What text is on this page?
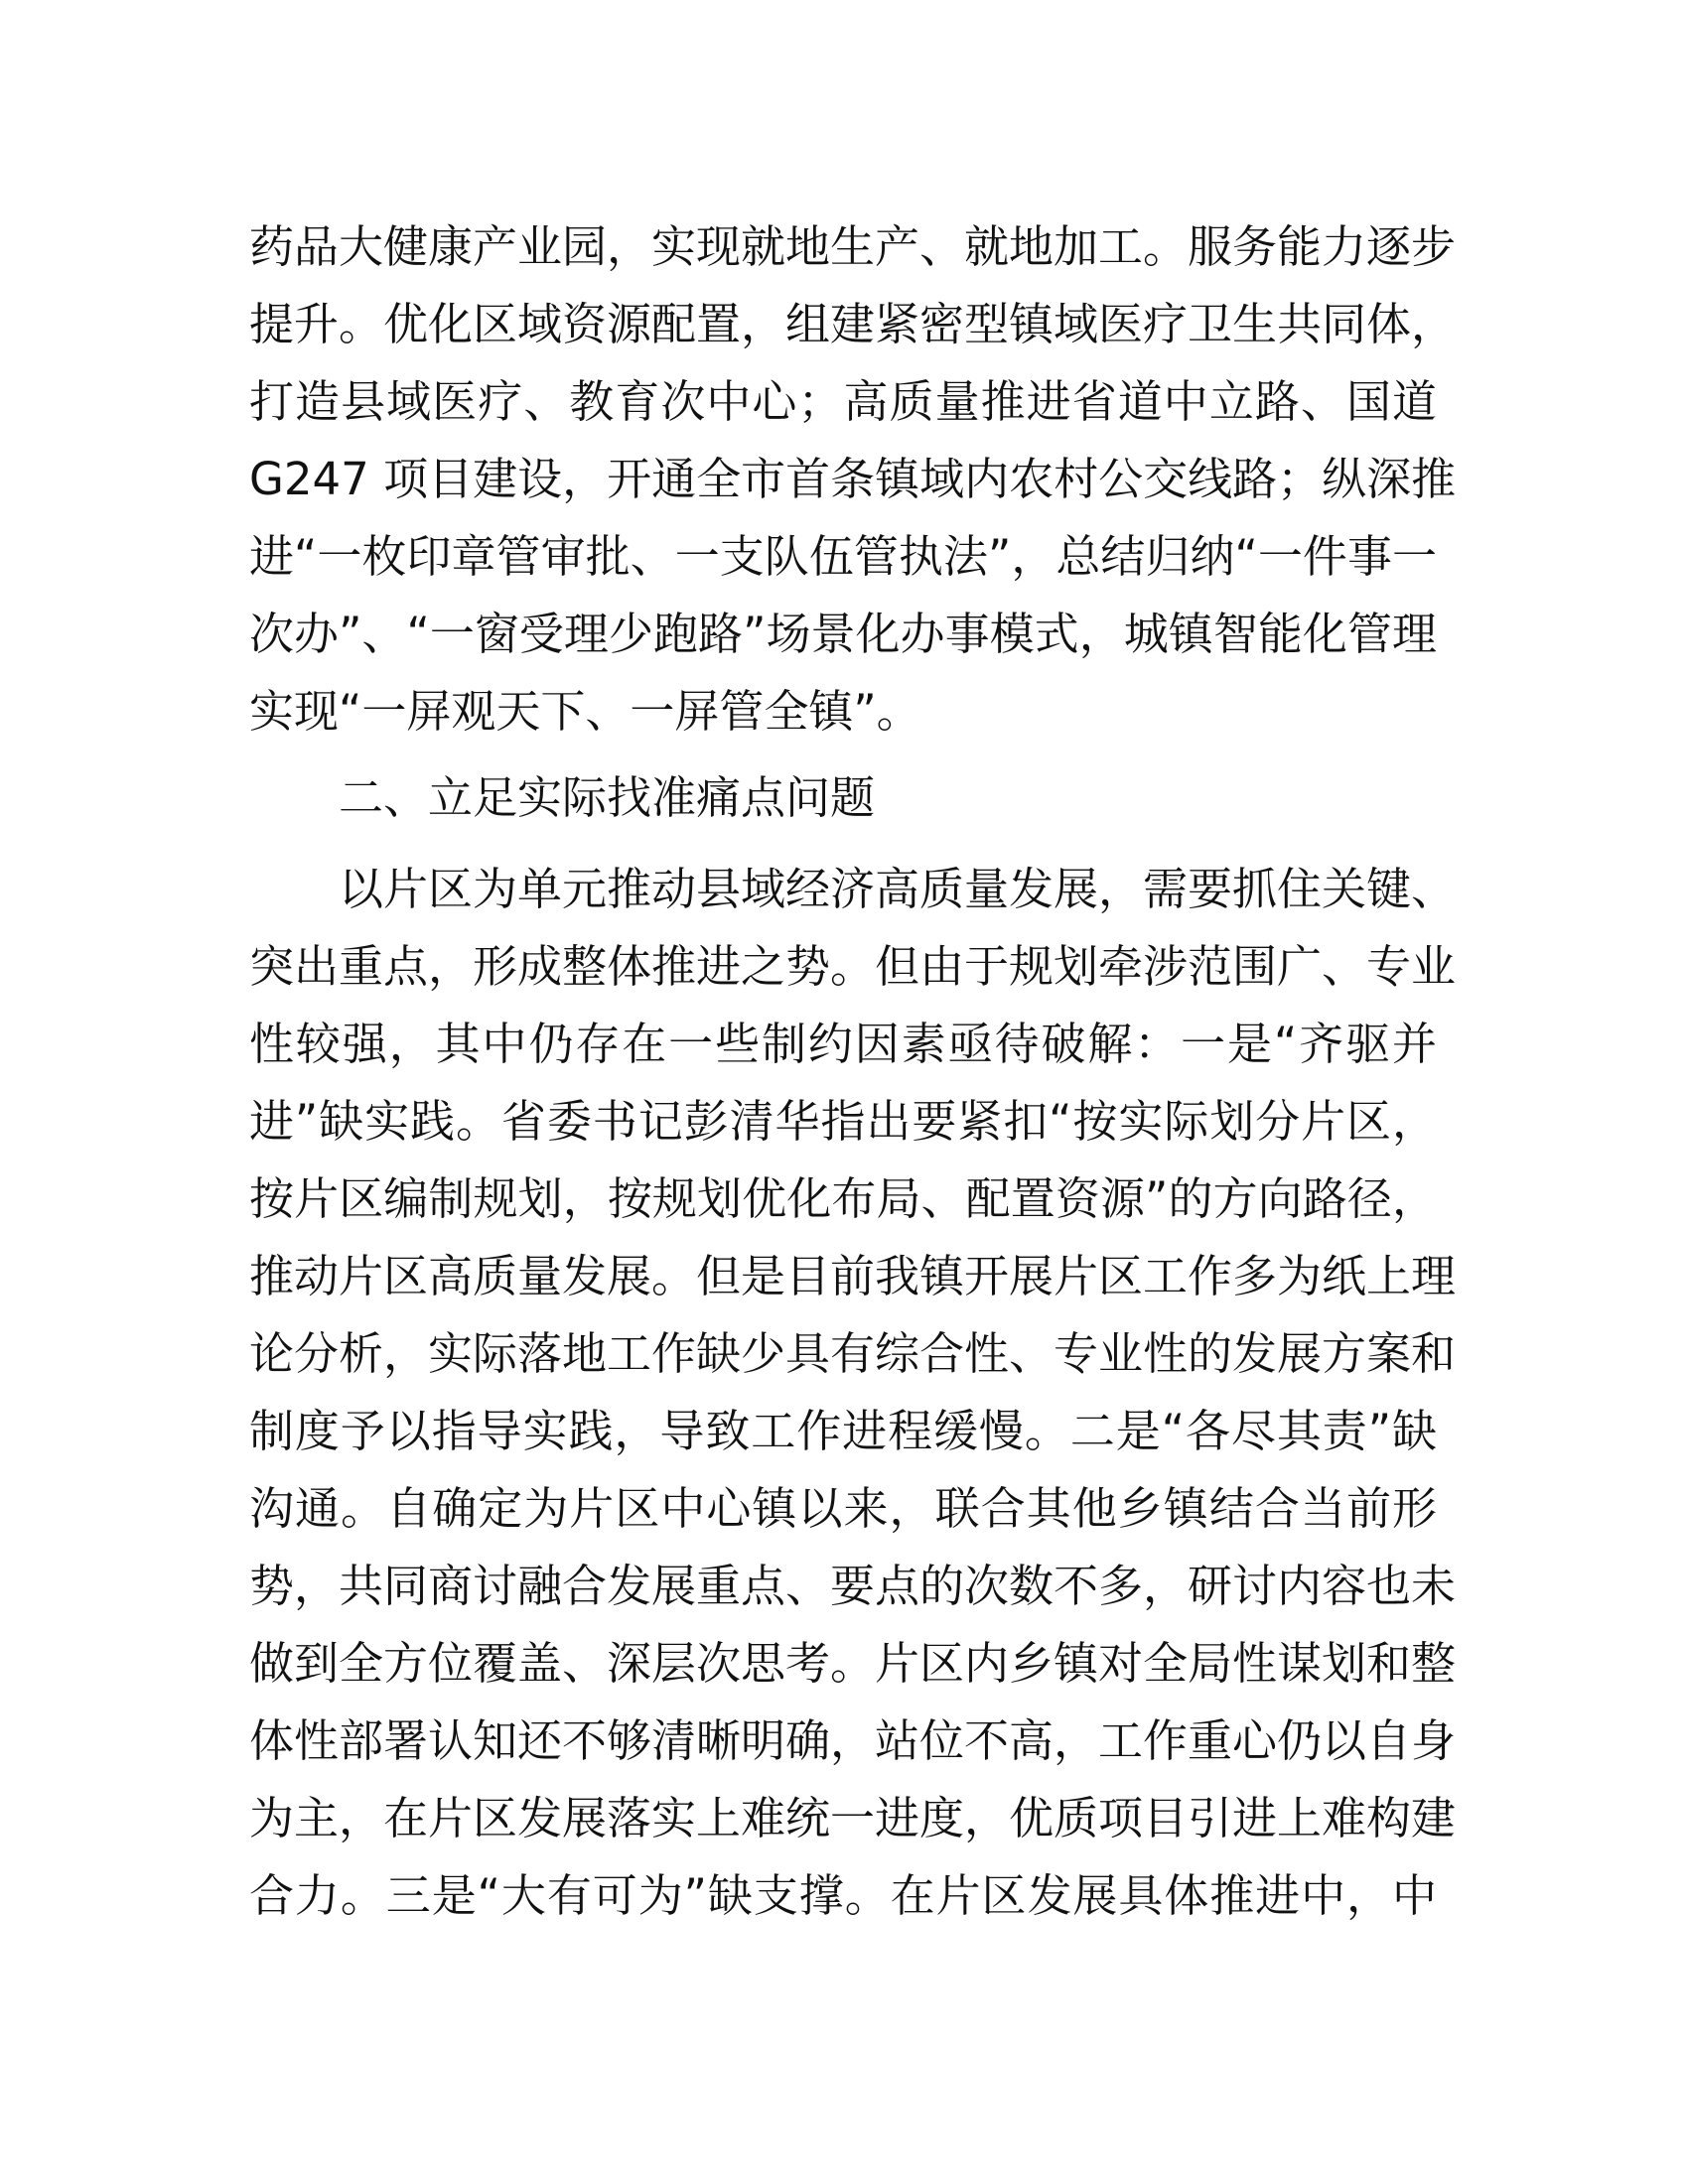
药品大健康产业园，实现就地生产、就地加工。服务能力逐步
提升。优化区域资源配置，组建紧密型镇域医疗卫生共同体，
打造县域医疗、教育次中心；高质量推进省道中立路、国道
G247 项目建设，开通全市首条镇域内农村公交线路；纵深推
进“一枚印章管审批、一支队伍管执法”，总结归纳“一件事一
次办”、“一窗受理少跑路”场景化办事模式，城镇智能化管理
实现“一屏观天下、一屏管全镇”。
二、立足实际找准痛点问题
以片区为单元推动县域经济高质量发展，需要抓住关键、
突出重点，形成整体推进之势。但由于规划牵涉范围广、专业
性较强，其中仍存在一些制约因素亟待破解：一是“齐驱并
进”缺实践。省委书记彭清华指出要紧扣“按实际划分片区，
按片区编制规划，按规划优化布局、配置资源”的方向路径，
推动片区高质量发展。但是目前我镇开展片区工作多为纸上理
论分析，实际落地工作缺少具有综合性、专业性的发展方案和
制度予以指导实践，导致工作进程缓慢。二是“各尽其责”缺
沟通。自确定为片区中心镇以来，联合其他乡镇结合当前形
势，共同商讨融合发展重点、要点的次数不多，研讨内容也未
做到全方位覆盖、深层次思考。片区内乡镇对全局性谋划和整
体性部署认知还不够清晰明确，站位不高，工作重心仍以自身
为主，在片区发展落实上难统一进度，优质项目引进上难构建
合力。三是“大有可为”缺支撑。在片区发展具体推进中，中
